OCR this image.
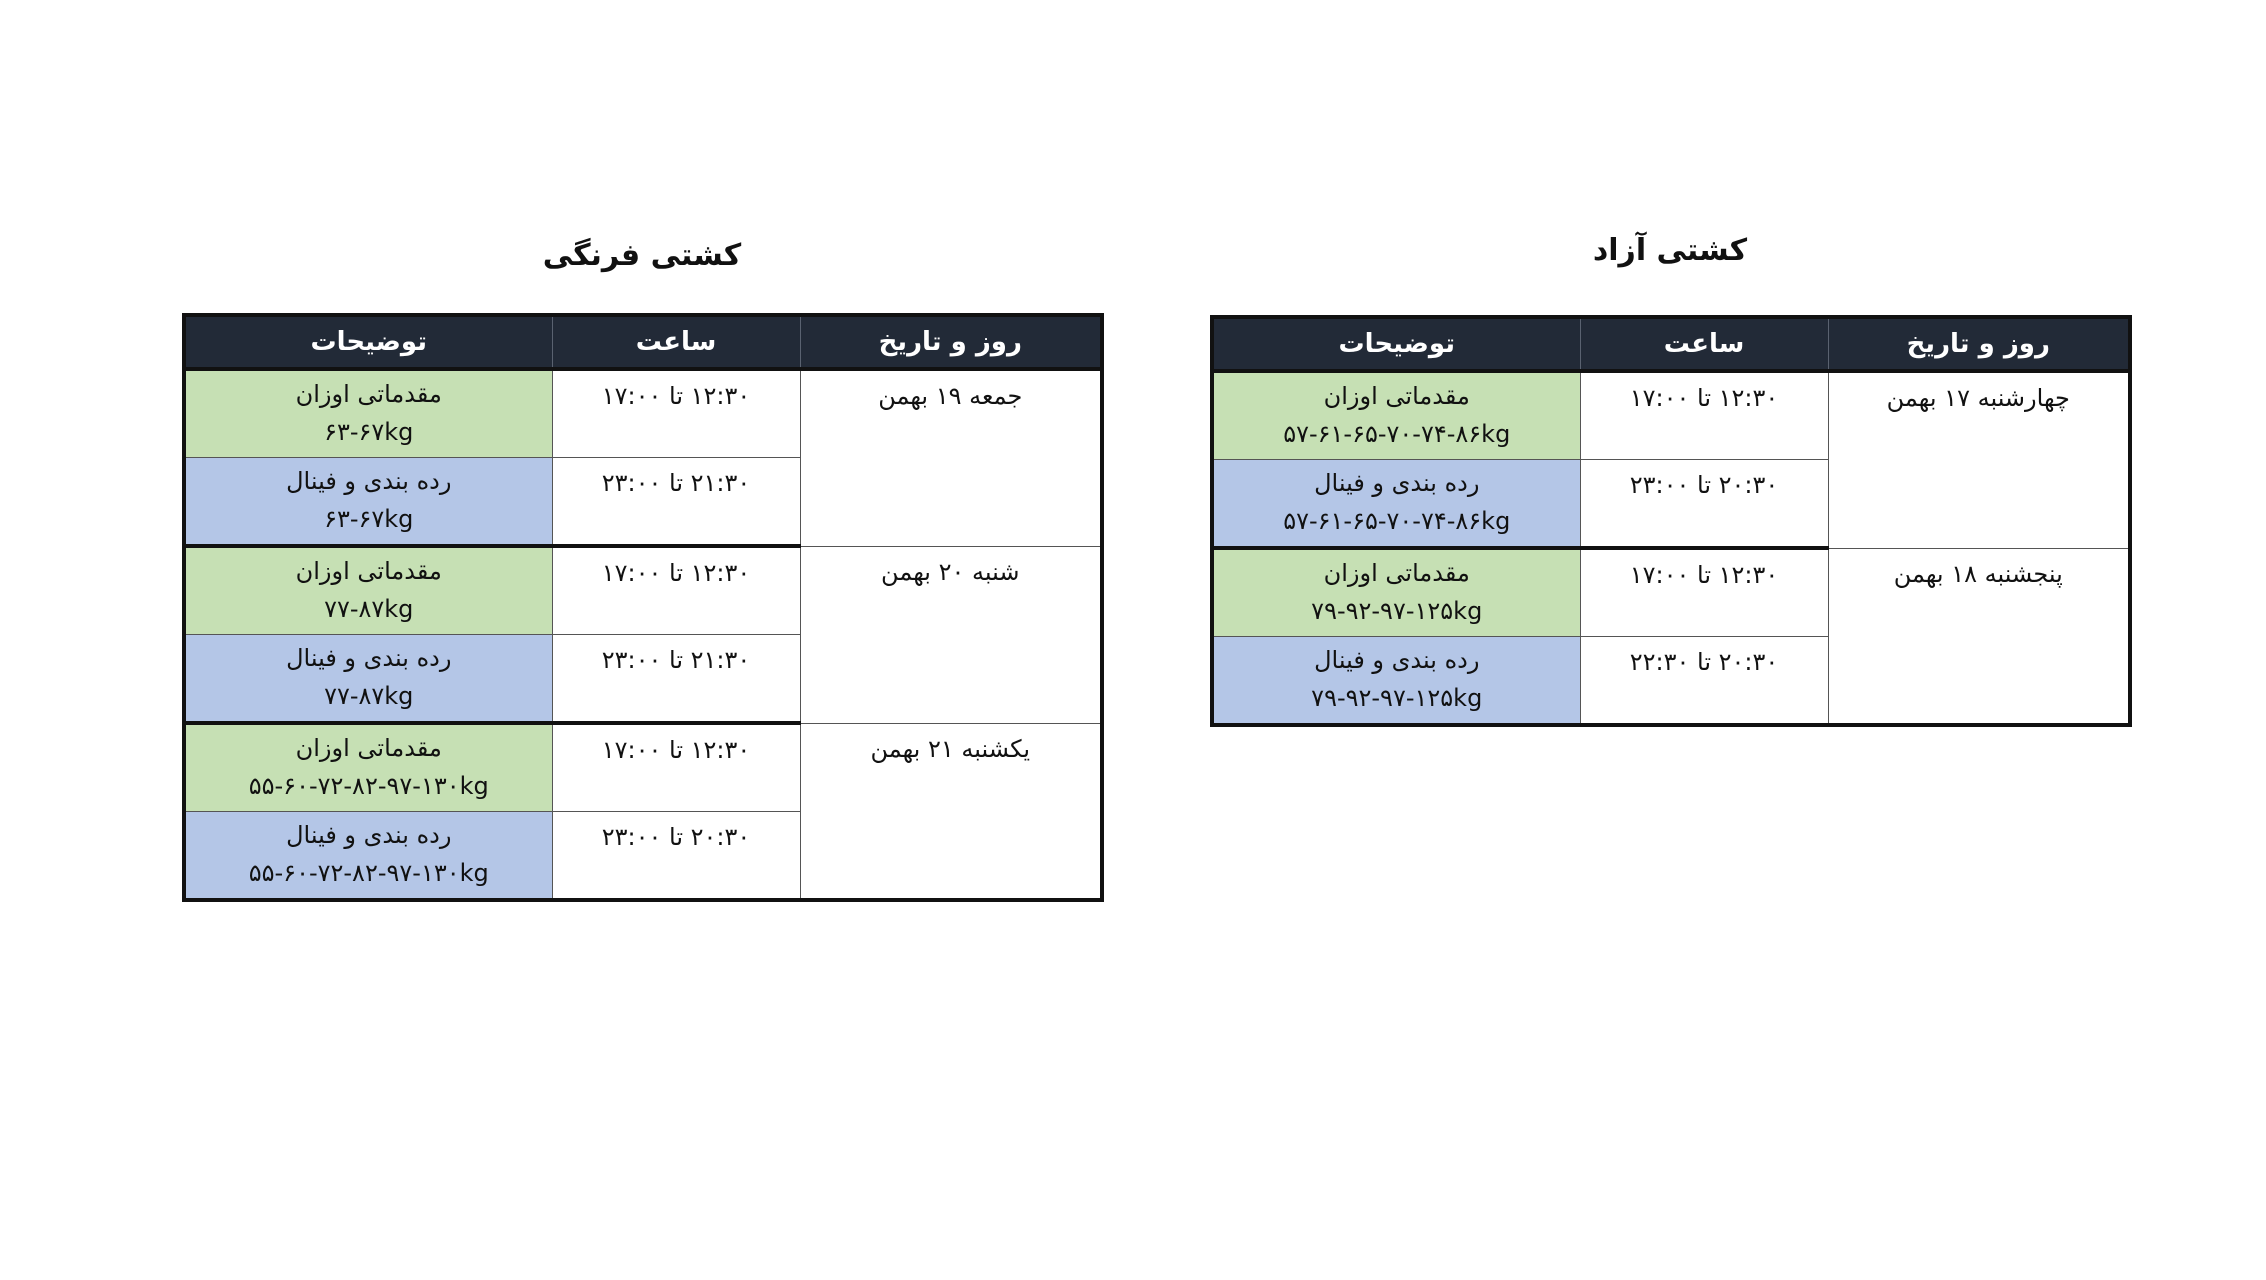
کشتی فرنگی
روز و تاریخ	ساعت	توضیحات
جمعه ۱۹ بهمن	۱۲:۳۰ تا ۱۷:۰۰	مقدماتی اوزان
۶۳-۶۷kg

	۲۱:۳۰ تا ۲۳:۰۰	رده بندی و فینال
۶۳-۶۷kg

شنبه ۲۰ بهمن	۱۲:۳۰ تا ۱۷:۰۰	مقدماتی اوزان
۷۷-۸۷kg

	۲۱:۳۰ تا ۲۳:۰۰	رده بندی و فینال
۷۷-۸۷kg

یکشنبه ۲۱ بهمن	۱۲:۳۰ تا ۱۷:۰۰	مقدماتی اوزان
۵۵-۶۰-۷۲-۸۲-۹۷-۱۳۰kg

	۲۰:۳۰ تا ۲۳:۰۰	رده بندی و فینال
۵۵-۶۰-۷۲-۸۲-۹۷-۱۳۰kg
کشتی آزاد
روز و تاریخ	ساعت	توضیحات
چهارشنبه ۱۷ بهمن	۱۲:۳۰ تا ۱۷:۰۰	مقدماتی اوزان
۵۷-۶۱-۶۵-۷۰-۷۴-۸۶kg

	۲۰:۳۰ تا ۲۳:۰۰	رده بندی و فینال
۵۷-۶۱-۶۵-۷۰-۷۴-۸۶kg

پنجشنبه ۱۸ بهمن	۱۲:۳۰ تا ۱۷:۰۰	مقدماتی اوزان
۷۹-۹۲-۹۷-۱۲۵kg

	۲۰:۳۰ تا ۲۲:۳۰	رده بندی و فینال
۷۹-۹۲-۹۷-۱۲۵kg
